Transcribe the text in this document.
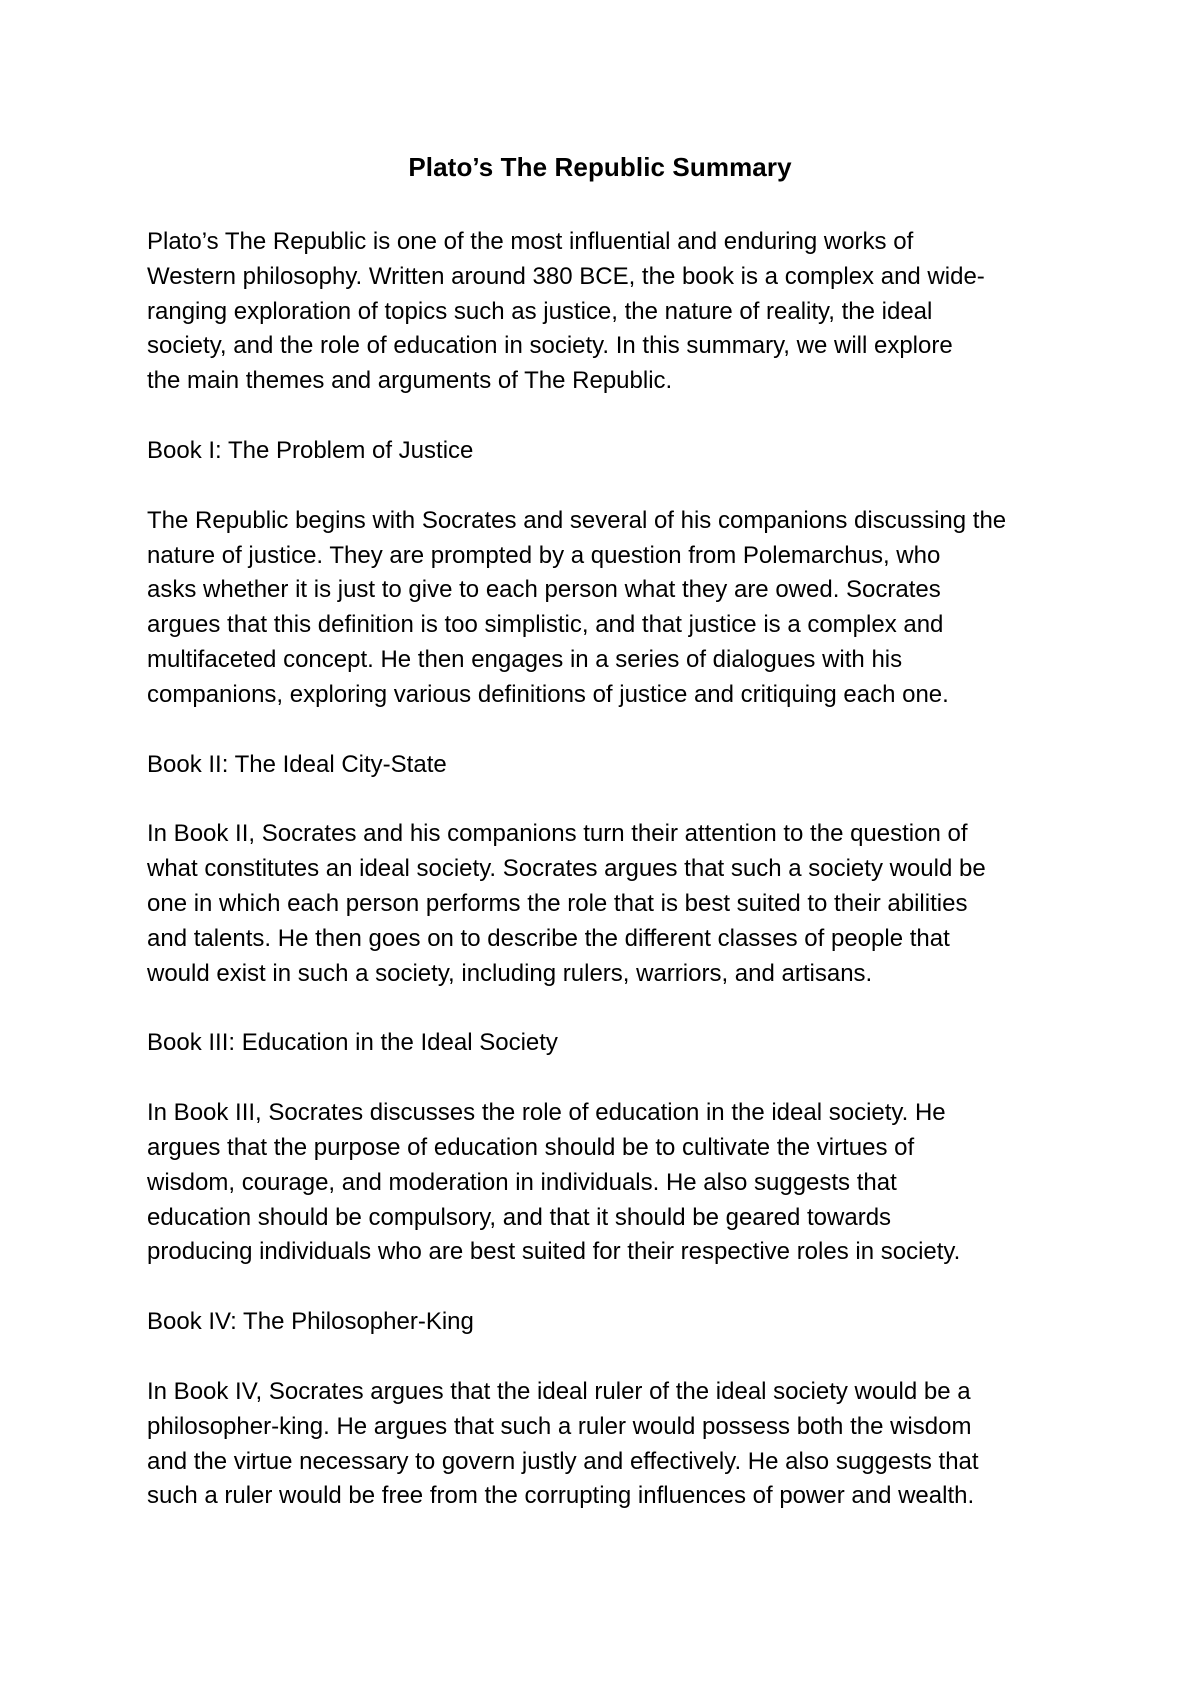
Plato’s The Republic Summary
Plato’s The Republic is one of the most influential and enduring works of
Western philosophy. Written around 380 BCE, the book is a complex and wide-
ranging exploration of topics such as justice, the nature of reality, the ideal
society, and the role of education in society. In this summary, we will explore
the main themes and arguments of The Republic.
Book I: The Problem of Justice
The Republic begins with Socrates and several of his companions discussing the
nature of justice. They are prompted by a question from Polemarchus, who
asks whether it is just to give to each person what they are owed. Socrates
argues that this definition is too simplistic, and that justice is a complex and
multifaceted concept. He then engages in a series of dialogues with his
companions, exploring various definitions of justice and critiquing each one.
Book II: The Ideal City-State
In Book II, Socrates and his companions turn their attention to the question of
what constitutes an ideal society. Socrates argues that such a society would be
one in which each person performs the role that is best suited to their abilities
and talents. He then goes on to describe the different classes of people that
would exist in such a society, including rulers, warriors, and artisans.
Book III: Education in the Ideal Society
In Book III, Socrates discusses the role of education in the ideal society. He
argues that the purpose of education should be to cultivate the virtues of
wisdom, courage, and moderation in individuals. He also suggests that
education should be compulsory, and that it should be geared towards
producing individuals who are best suited for their respective roles in society.
Book IV: The Philosopher-King
In Book IV, Socrates argues that the ideal ruler of the ideal society would be a
philosopher-king. He argues that such a ruler would possess both the wisdom
and the virtue necessary to govern justly and effectively. He also suggests that
such a ruler would be free from the corrupting influences of power and wealth.
